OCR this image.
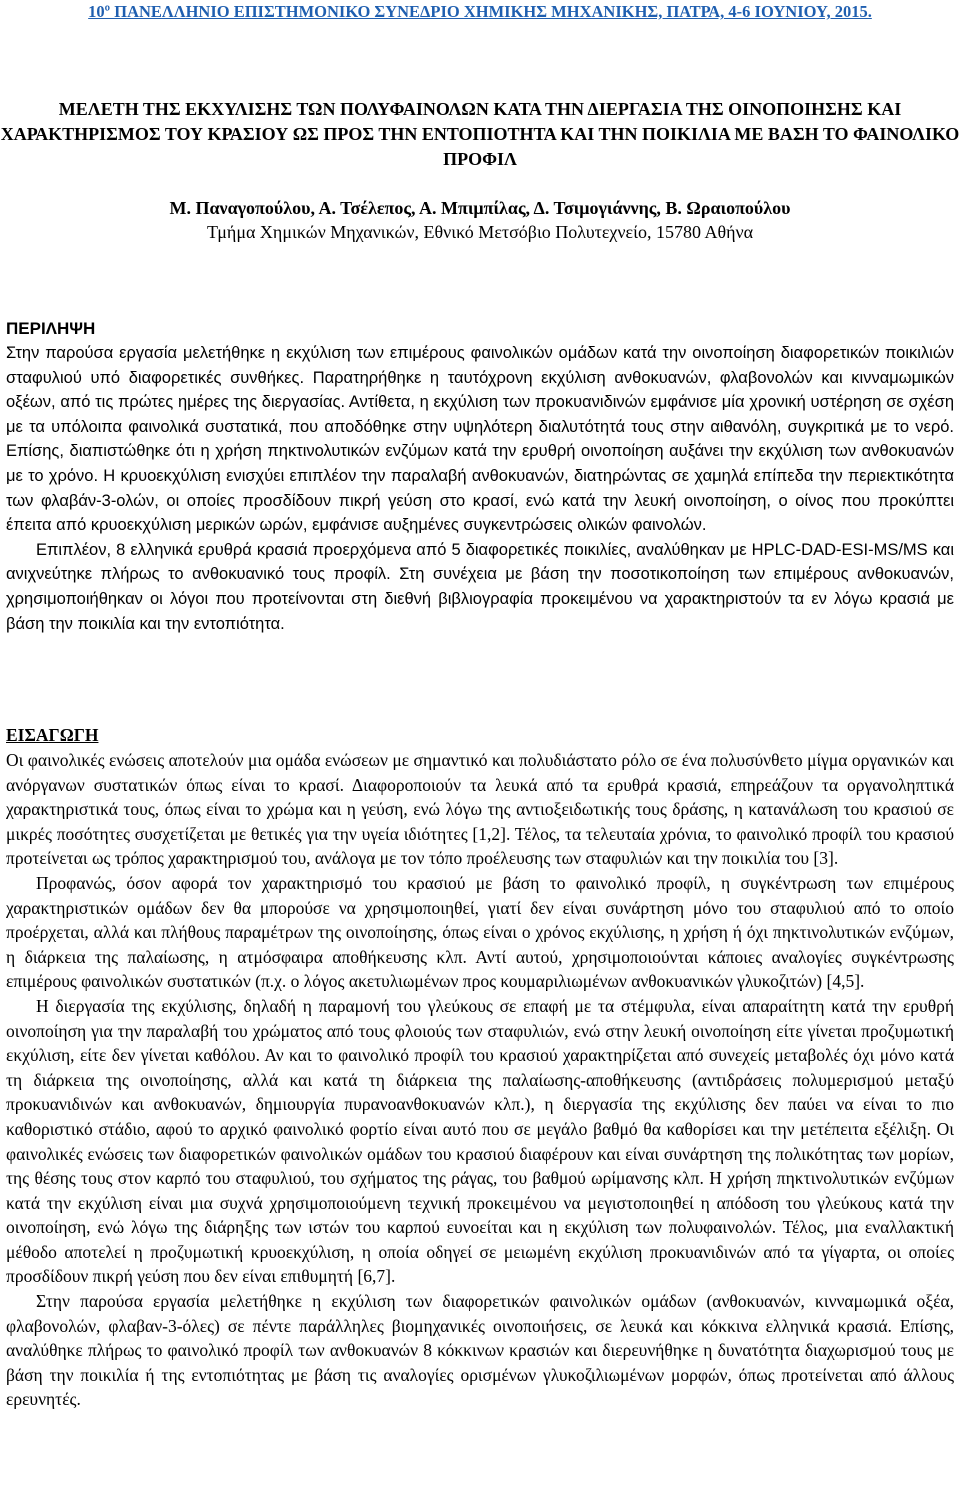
10º ΠΑΝΕΛΛΗΝΙΟ ΕΠΙΣΤΗΜΟΝΙΚΟ ΣΥΝΕΔΡΙΟ ΧΗΜΙΚΗΣ ΜΗΧΑΝΙΚΗΣ, ΠΑΤΡΑ, 4-6 ΙΟΥΝΙΟΥ, 2015.
ΜΕΛΕΤΗ ΤΗΣ ΕΚΧΥΛΙΣΗΣ ΤΩΝ ΠΟΛΥΦΑΙΝΟΛΩΝ ΚΑΤΑ ΤΗΝ ΔΙΕΡΓΑΣΙΑ ΤΗΣ ΟΙΝΟΠΟΙΗΣΗΣ ΚΑΙ ΧΑΡΑΚΤΗΡΙΣΜΟΣ ΤΟΥ ΚΡΑΣΙΟΥ ΩΣ ΠΡΟΣ ΤΗΝ ΕΝΤΟΠΙΟΤΗΤΑ ΚΑΙ ΤΗΝ ΠΟΙΚΙΛΙΑ ΜΕ ΒΑΣΗ ΤΟ ΦΑΙΝΟΛΙΚΟ ΠΡΟΦΙΛ
Μ. Παναγοπούλου, Α. Τσέλεπος, Α. Μπιμπίλας, Δ. Τσιμογιάννης, Β. Ωραιοπούλου
Τμήμα Χημικών Μηχανικών, Εθνικό Μετσόβιο Πολυτεχνείο, 15780 Αθήνα
ΠΕΡΙΛΗΨΗ

Στην παρούσα εργασία μελετήθηκε η εκχύλιση των επιμέρους φαινολικών ομάδων κατά την οινοποίηση διαφορετικών ποικιλιών σταφυλιού υπό διαφορετικές συνθήκες. Παρατηρήθηκε η ταυτόχρονη εκχύλιση ανθοκυανών, φλαβονολών και κινναμωμικών οξέων, από τις πρώτες ημέρες της διεργασίας. Αντίθετα, η εκχύλιση των προκυανιδινών εμφάνισε μία χρονική υστέρηση σε σχέση με τα υπόλοιπα φαινολικά συστατικά, που αποδόθηκε στην υψηλότερη διαλυτότητά τους στην αιθανόλη, συγκριτικά με το νερό. Επίσης, διαπιστώθηκε ότι η χρήση πηκτινολυτικών ενζύμων κατά την ερυθρή οινοποίηση αυξάνει την εκχύλιση των ανθοκυανών με το χρόνο. Η κρυοεκχύλιση ενισχύει επιπλέον την παραλαβή ανθοκυανών, διατηρώντας σε χαμηλά επίπεδα την περιεκτικότητα των φλαβάν-3-ολών, οι οποίες προσδίδουν πικρή γεύση στο κρασί, ενώ κατά την λευκή οινοποίηση, ο οίνος που προκύπτει έπειτα από κρυοεκχύλιση μερικών ωρών, εμφάνισε αυξημένες συγκεντρώσεις ολικών φαινολών.

Επιπλέον, 8 ελληνικά ερυθρά κρασιά προερχόμενα από 5 διαφορετικές ποικιλίες, αναλύθηκαν με HPLC-DAD-ESI-MS/MS και ανιχνεύτηκε πλήρως το ανθοκυανικό τους προφίλ. Στη συνέχεια με βάση την ποσοτικοποίηση των επιμέρους ανθοκυανών, χρησιμοποιήθηκαν οι λόγοι που προτείνονται στη διεθνή βιβλιογραφία προκειμένου να χαρακτηριστούν τα εν λόγω κρασιά με βάση την ποικιλία και την εντοπιότητα.

ΕΙΣΑΓΩΓΗ

Οι φαινολικές ενώσεις αποτελούν μια ομάδα ενώσεων με σημαντικό και πολυδιάστατο ρόλο σε ένα πολυσύνθετο μίγμα οργανικών και ανόργανων συστατικών όπως είναι το κρασί. Διαφοροποιούν τα λευκά από τα ερυθρά κρασιά, επηρεάζουν τα οργανοληπτικά χαρακτηριστικά τους, όπως είναι το χρώμα και η γεύση, ενώ λόγω της αντιοξειδωτικής τους δράσης, η κατανάλωση του κρασιού σε μικρές ποσότητες συσχετίζεται με θετικές για την υγεία ιδιότητες [1,2]. Τέλος, τα τελευταία χρόνια, το φαινολικό προφίλ του κρασιού προτείνεται ως τρόπος χαρακτηρισμού του, ανάλογα με τον τόπο προέλευσης των σταφυλιών και την ποικιλία του [3].

Προφανώς, όσον αφορά τον χαρακτηρισμό του κρασιού με βάση το φαινολικό προφίλ, η συγκέντρωση των επιμέρους χαρακτηριστικών ομάδων δεν θα μπορούσε να χρησιμοποιηθεί, γιατί δεν είναι συνάρτηση μόνο του σταφυλιού από το οποίο προέρχεται, αλλά και πλήθους παραμέτρων της οινοποίησης, όπως είναι ο χρόνος εκχύλισης, η χρήση ή όχι πηκτινολυτικών ενζύμων, η διάρκεια της παλαίωσης, η ατμόσφαιρα αποθήκευσης κλπ. Αντί αυτού, χρησιμοποιούνται κάποιες αναλογίες συγκέντρωσης επιμέρους φαινολικών συστατικών (π.χ. ο λόγος ακετυλιωμένων προς κουμαριλιωμένων ανθοκυανικών γλυκοζιτών) [4,5].

Η διεργασία της εκχύλισης, δηλαδή η παραμονή του γλεύκους σε επαφή με τα στέμφυλα, είναι απαραίτητη κατά την ερυθρή οινοποίηση για την παραλαβή του χρώματος από τους φλοιούς των σταφυλιών, ενώ στην λευκή οινοποίηση είτε γίνεται προζυμωτική εκχύλιση, είτε δεν γίνεται καθόλου. Αν και το φαινολικό προφίλ του κρασιού χαρακτηρίζεται από συνεχείς μεταβολές όχι μόνο κατά τη διάρκεια της οινοποίησης, αλλά και κατά τη διάρκεια της παλαίωσης-αποθήκευσης (αντιδράσεις πολυμερισμού μεταξύ προκυανιδινών και ανθοκυανών, δημιουργία πυρανοανθοκυανών κλπ.), η διεργασία της εκχύλισης δεν παύει να είναι το πιο καθοριστικό στάδιο, αφού το αρχικό φαινολικό φορτίο είναι αυτό που σε μεγάλο βαθμό θα καθορίσει και την μετέπειτα εξέλιξη. Οι φαινολικές ενώσεις των διαφορετικών φαινολικών ομάδων του κρασιού διαφέρουν και είναι συνάρτηση της πολικότητας των μορίων, της θέσης τους στον καρπό του σταφυλιού, του σχήματος της ράγας, του βαθμού ωρίμανσης κλπ. Η χρήση πηκτινολυτικών ενζύμων κατά την εκχύλιση είναι μια συχνά χρησιμοποιούμενη τεχνική προκειμένου να μεγιστοποιηθεί η απόδοση του γλεύκους κατά την οινοποίηση, ενώ λόγω της διάρηξης των ιστών του καρπού ευνοείται και η εκχύλιση των πολυφαινολών. Τέλος, μια εναλλακτική μέθοδο αποτελεί η προζυμωτική κρυοεκχύλιση, η οποία οδηγεί σε μειωμένη εκχύλιση προκυανιδινών από τα γίγαρτα, οι οποίες προσδίδουν πικρή γεύση που δεν είναι επιθυμητή [6,7].

Στην παρούσα εργασία μελετήθηκε η εκχύλιση των διαφορετικών φαινολικών ομάδων (ανθοκυανών, κινναμωμικά οξέα, φλαβονολών, φλαβαν-3-όλες) σε πέντε παράλληλες βιομηχανικές οινοποιήσεις, σε λευκά και κόκκινα ελληνικά κρασιά. Επίσης, αναλύθηκε πλήρως το φαινολικό προφίλ των ανθοκυανών 8 κόκκινων κρασιών και διερευνήθηκε η δυνατότητα διαχωρισμού τους με βάση την ποικιλία ή της εντοπιότητας με βάση τις αναλογίες ορισμένων γλυκοζιλιωμένων μορφών, όπως προτείνεται από άλλους ερευνητές.
